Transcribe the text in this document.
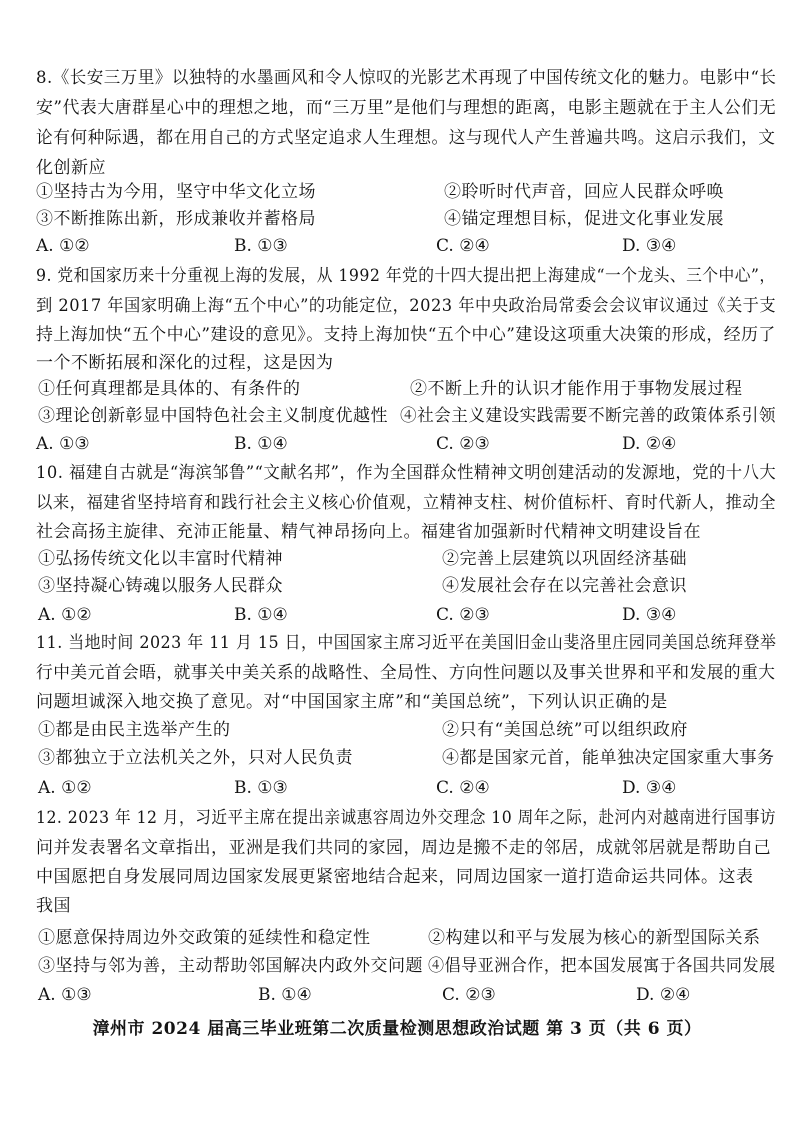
8.《长安三万里》以独特的水墨画风和令人惊叹的光影艺术再现了中国传统文化的魅力。电影中“长
安”代表大唐群星心中的理想之地，而“三万里”是他们与理想的距离，电影主题就在于主人公们无
论有何种际遇，都在用自己的方式坚定追求人生理想。这与现代人产生普遍共鸣。这启示我们，文
化创新应
①坚持古为今用，坚守中华文化立场	②聆听时代声音，回应人民群众呼唤
③不断推陈出新，形成兼收并蓄格局	④锚定理想目标，促进文化事业发展
A. ①②	B. ①③	C. ②④	D. ③④
9. 党和国家历来十分重视上海的发展，从 1992 年党的十四大提出把上海建成“一个龙头、三个中心”，
到 2017 年国家明确上海“五个中心”的功能定位，2023 年中央政治局常委会会议审议通过《关于支
持上海加快“五个中心”建设的意见》。支持上海加快“五个中心”建设这项重大决策的形成，经历了
一个不断拓展和深化的过程，这是因为
①任何真理都是具体的、有条件的	②不断上升的认识才能作用于事物发展过程
③理论创新彰显中国特色社会主义制度优越性 ④社会主义建设实践需要不断完善的政策体系引领
A. ①③	B. ①④	C. ②③	D. ②④
10. 福建自古就是“海滨邹鲁”“文献名邦”，作为全国群众性精神文明创建活动的发源地，党的十八大
以来，福建省坚持培育和践行社会主义核心价值观，立精神支柱、树价值标杆、育时代新人，推动全
社会高扬主旋律、充沛正能量、精气神昂扬向上。福建省加强新时代精神文明建设旨在
①弘扬传统文化以丰富时代精神	②完善上层建筑以巩固经济基础
③坚持凝心铸魂以服务人民群众	④发展社会存在以完善社会意识
A. ①②	B. ①④	C. ②③	D. ③④
11. 当地时间 2023 年 11 月 15 日，中国国家主席习近平在美国旧金山斐洛里庄园同美国总统拜登举
行中美元首会晤，就事关中美关系的战略性、全局性、方向性问题以及事关世界和平和发展的重大
问题坦诚深入地交换了意见。对“中国国家主席”和“美国总统”，下列认识正确的是
①都是由民主选举产生的	②只有“美国总统”可以组织政府
③都独立于立法机关之外，只对人民负责	④都是国家元首，能单独决定国家重大事务
A. ①②	B. ①③	C. ②④	D. ③④
12. 2023 年 12 月，习近平主席在提出亲诚惠容周边外交理念 10 周年之际，赴河内对越南进行国事访
问并发表署名文章指出，亚洲是我们共同的家园，周边是搬不走的邻居，成就邻居就是帮助自己
中国愿把自身发展同周边国家发展更紧密地结合起来，同周边国家一道打造命运共同体。这表
我国
①愿意保持周边外交政策的延续性和稳定性	②构建以和平与发展为核心的新型国际关系
③坚持与邻为善，主动帮助邻国解决内政外交问题 ④倡导亚洲合作，把本国发展寓于各国共同发展
A. ①③	B. ①④	C. ②③	D. ②④
漳州市 2024 届高三毕业班第二次质量检测思想政治试题 第 3 页（共 6 页）
